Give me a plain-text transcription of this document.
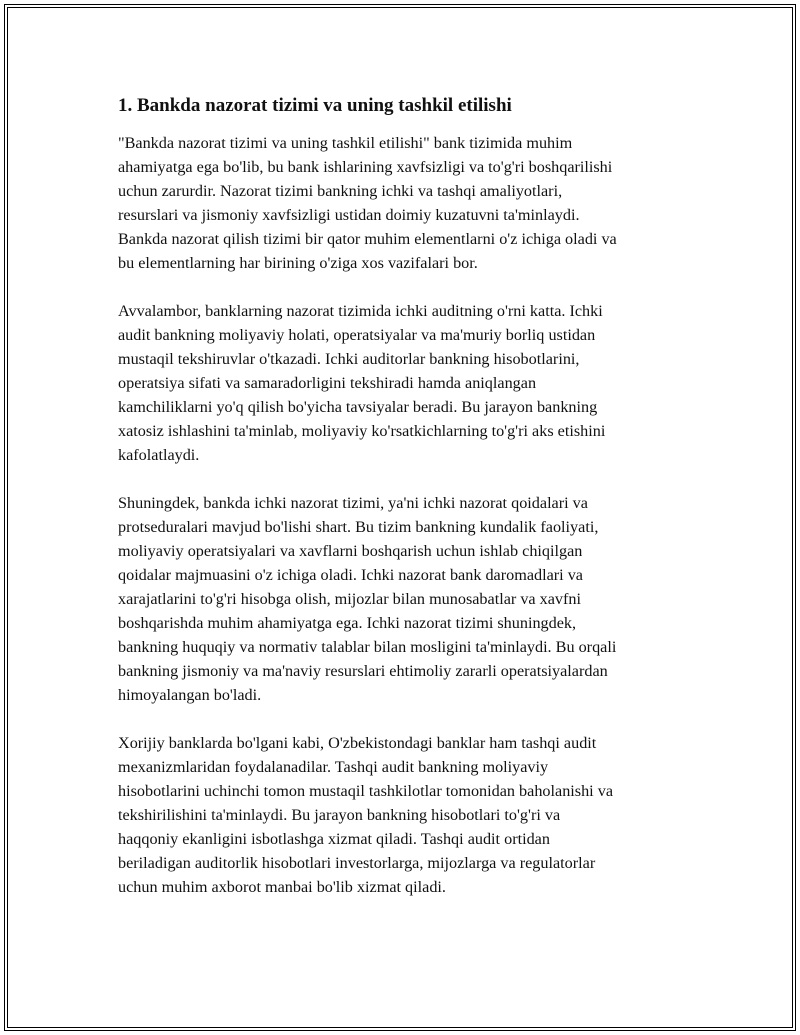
1. Bankda nazorat tizimi va uning tashkil etilishi

"Bankda nazorat tizimi va uning tashkil etilishi" bank tizimida muhim
ahamiyatga ega bo'lib, bu bank ishlarining xavfsizligi va to'g'ri boshqarilishi
uchun zarurdir. Nazorat tizimi bankning ichki va tashqi amaliyotlari,
resurslari va jismoniy xavfsizligi ustidan doimiy kuzatuvni ta'minlaydi.
Bankda nazorat qilish tizimi bir qator muhim elementlarni o'z ichiga oladi va
bu elementlarning har birining o'ziga xos vazifalari bor.

Avvalambor, banklarning nazorat tizimida ichki auditning o'rni katta. Ichki
audit bankning moliyaviy holati, operatsiyalar va ma'muriy borliq ustidan
mustaqil tekshiruvlar o'tkazadi. Ichki auditorlar bankning hisobotlarini,
operatsiya sifati va samaradorligini tekshiradi hamda aniqlangan
kamchiliklarni yo'q qilish bo'yicha tavsiyalar beradi. Bu jarayon bankning
xatosiz ishlashini ta'minlab, moliyaviy ko'rsatkichlarning to'g'ri aks etishini
kafolatlaydi.

Shuningdek, bankda ichki nazorat tizimi, ya'ni ichki nazorat qoidalari va
protseduralari mavjud bo'lishi shart. Bu tizim bankning kundalik faoliyati,
moliyaviy operatsiyalari va xavflarni boshqarish uchun ishlab chiqilgan
qoidalar majmuasini o'z ichiga oladi. Ichki nazorat bank daromadlari va
xarajatlarini to'g'ri hisobga olish, mijozlar bilan munosabatlar va xavfni
boshqarishda muhim ahamiyatga ega. Ichki nazorat tizimi shuningdek,
bankning huquqiy va normativ talablar bilan mosligini ta'minlaydi. Bu orqali
bankning jismoniy va ma'naviy resurslari ehtimoliy zararli operatsiyalardan
himoyalangan bo'ladi.

Xorijiy banklarda bo'lgani kabi, O'zbekistondagi banklar ham tashqi audit
mexanizmlaridan foydalanadilar. Tashqi audit bankning moliyaviy
hisobotlarini uchinchi tomon mustaqil tashkilotlar tomonidan baholanishi va
tekshirilishini ta'minlaydi. Bu jarayon bankning hisobotlari to'g'ri va
haqqoniy ekanligini isbotlashga xizmat qiladi. Tashqi audit ortidan
beriladigan auditorlik hisobotlari investorlarga, mijozlarga va regulatorlar
uchun muhim axborot manbai bo'lib xizmat qiladi.
